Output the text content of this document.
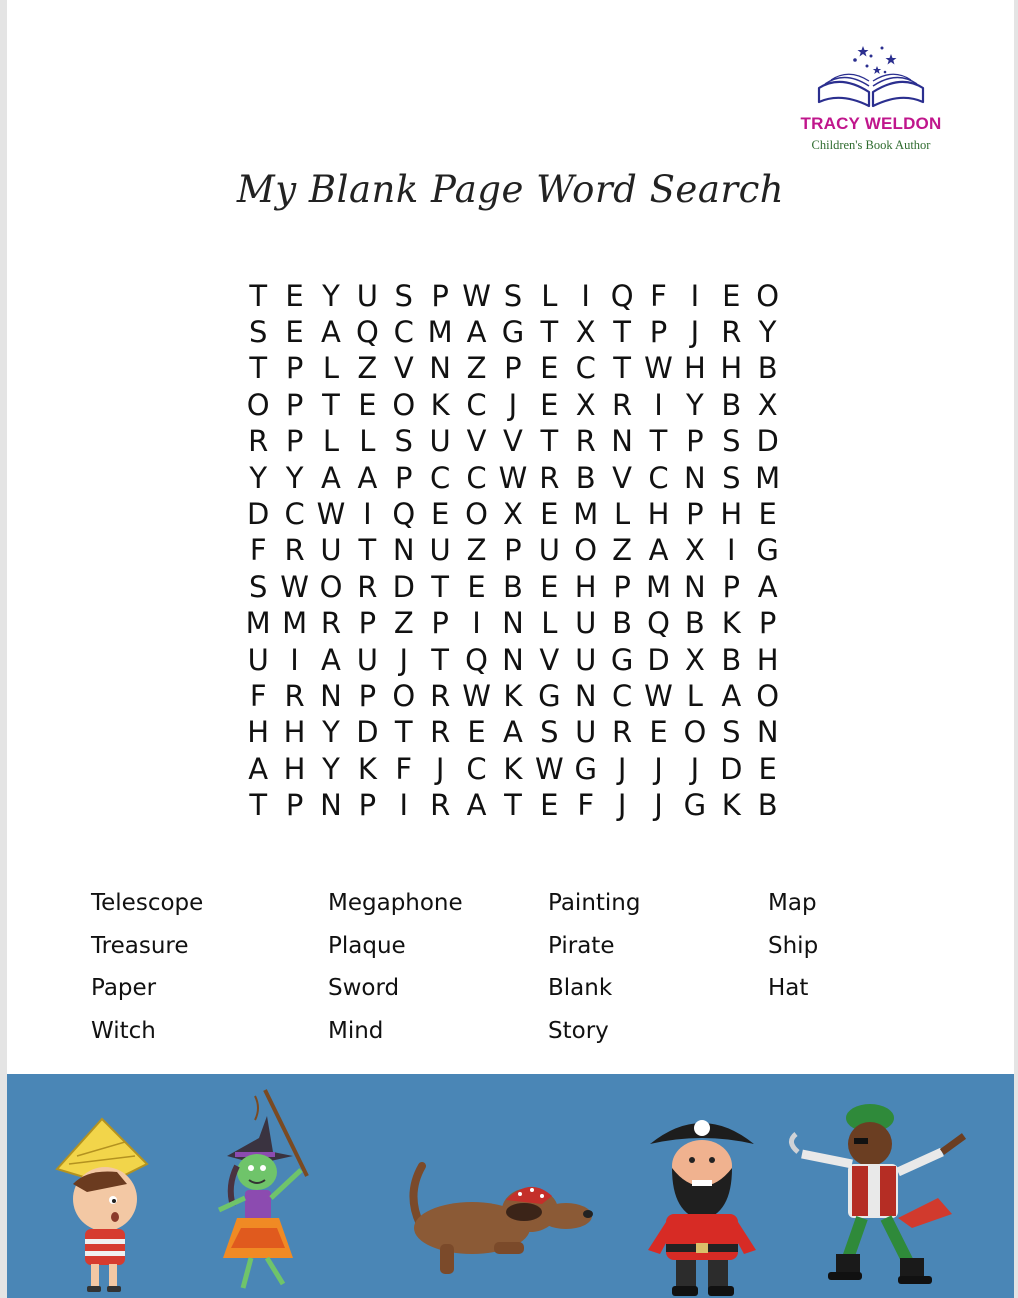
TRACY WELDON
Children's Book Author
My Blank Page Word Search
T E Y U S P W S L I Q F I E O
S E A Q C M A G T X T P J R Y
T P L Z V N Z P E C T W H H B
O P T E O K C J E X R I Y B X
R P L L S U V V T R N T P S D
Y Y A A P C C W R B V C N S M
D C W I Q E O X E M L H P H E
F R U T N U Z P U O Z A X I G
S W O R D T E B E H P M N P A
M M R P Z P I N L U B Q B K P
U I A U J T Q N V U G D X B H
F R N P O R W K G N C W L A O
H H Y D T R E A S U R E O S N
A H Y K F J C K W G J J J D E
T P N P I R A T E F J J G K B
Telescope	Megaphone	Painting	Map
Treasure	Plaque	Pirate	Ship
Paper	Sword	Blank	Hat
Witch	Mind	Story
